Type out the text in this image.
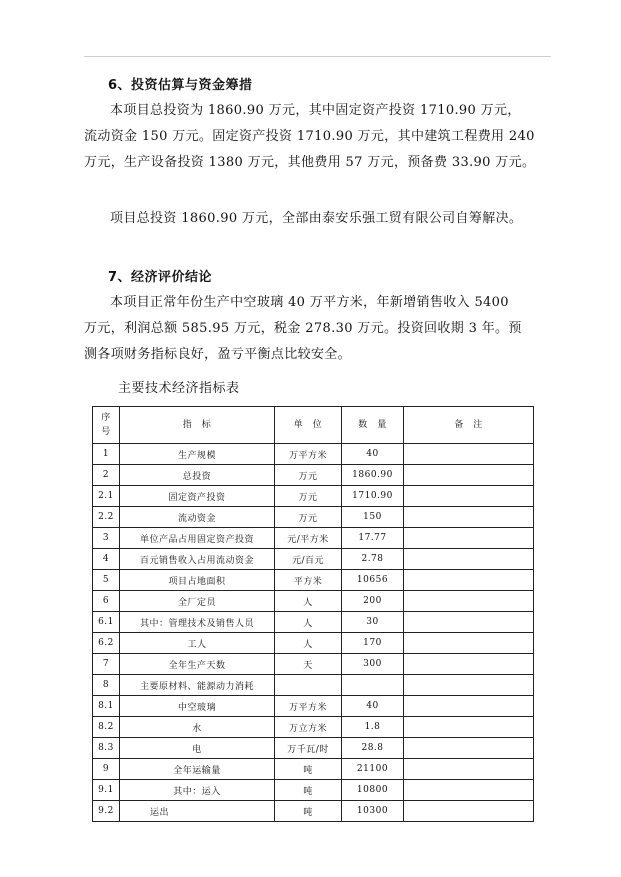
6、投资估算与资金筹措
本项目总投资为 1860.90 万元，其中固定资产投资 1710.90 万元，
流动资金 150 万元。固定资产投资 1710.90 万元，其中建筑工程费用 240
万元，生产设备投资 1380 万元，其他费用 57 万元，预备费 33.90 万元。
项目总投资 1860.90 万元，全部由泰安乐强工贸有限公司自筹解决。
7、经济评价结论
本项目正常年份生产中空玻璃 40 万平方米，年新增销售收入 5400
万元，利润总额 585.95 万元，税金 278.30 万元。投资回收期 3 年。预
测各项财务指标良好，盈亏平衡点比较安全。
主要技术经济指标表
序号	指　标	单　位	数　量	备　注
1	生产规模	万平方米	40	
2	总投资	万元	1860.90	
2.1	固定资产投资	万元	1710.90	
2.2	流动资金	万元	150	
3	单位产品占用固定资产投资	元/平方米	17.77	
4	百元销售收入占用流动资金	元/百元	2.78	
5	项目占地面积	平方米	10656	
6	全厂定员	人	200	
6.1	其中：管理技术及销售人员	人	30	
6.2	工人	人	170	
7	全年生产天数	天	300	
8	主要原材料、能源动力消耗			
8.1	中空玻璃	万平方米	40	
8.2	水	万立方米	1.8	
8.3	电	万千瓦/时	28.8	
9	全年运输量	吨	21100	
9.1	其中：运入	吨	10800	
9.2	运出	吨	10300	
